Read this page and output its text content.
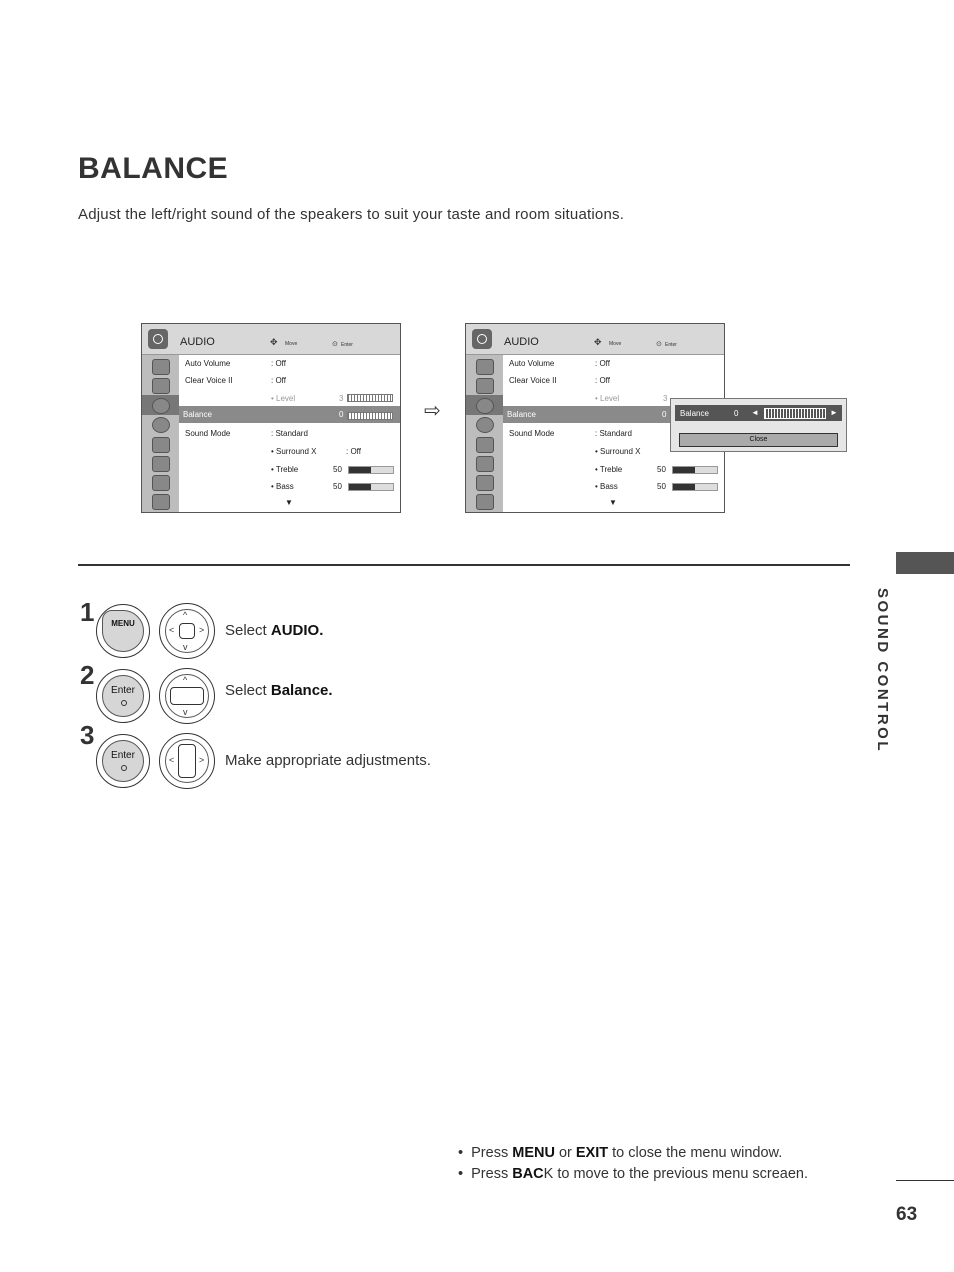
BALANCE
Adjust the left/right sound of the speakers to suit your taste and room situations.
AUDIO	✥ Move	⊙ Enter
Auto Volume	: Off
Clear Voice II	: Off
• Level	3
Balance	0
Sound Mode	: Standard
• Surround X	: Off
• Treble	50
• Bass	50
▼
⇨
AUDIO	✥ Move	⊙ Enter
Auto Volume	: Off
Clear Voice II	: Off
• Level	3
Balance	0
Sound Mode	: Standard
• Surround X
• Treble	50
• Bass	50
▼
Balance	0 ◄	►
Close
1	MENU
^
v
<	> Select AUDIO.
2
Enter
^
v
Select Balance.
3
Enter	<	> Make appropriate adjustments.
SOUND CONTROL
• Press MENU or EXIT to close the menu window.
• Press BACK to move to the previous menu screaen.
63
